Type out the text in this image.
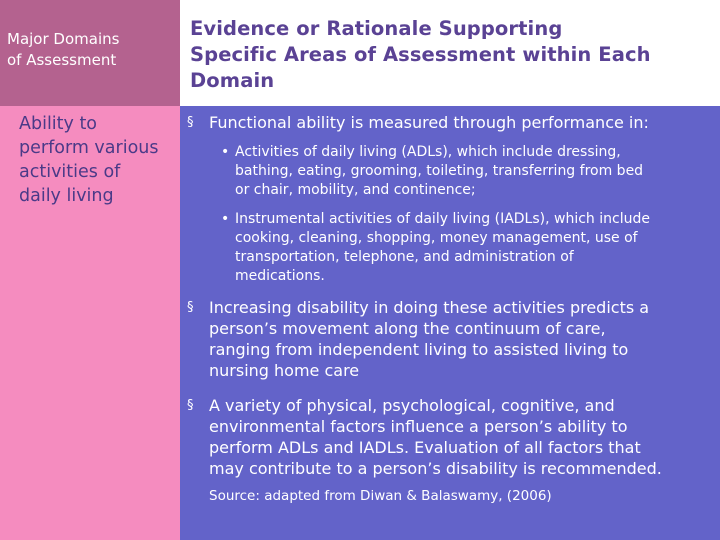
Major Domains
of Assessment
Evidence or Rationale Supporting
Specific Areas of Assessment within Each
Domain
Ability to
perform various
activities of
daily living
§ Functional ability is measured through performance in:
• Activities of daily living (ADLs), which include dressing,
bathing, eating, grooming, toileting, transferring from bed
or chair, mobility, and continence;
• Instrumental activities of daily living (IADLs), which include
cooking, cleaning, shopping, money management, use of
transportation, telephone, and administration of
medications.
§ Increasing disability in doing these activities predicts a
person’s movement along the continuum of care,
ranging from independent living to assisted living to
nursing home care
§ A variety of physical, psychological, cognitive, and
environmental factors influence a person’s ability to
perform ADLs and IADLs. Evaluation of all factors that
may contribute to a person’s disability is recommended.
Source: adapted from Diwan & Balaswamy, (2006)
